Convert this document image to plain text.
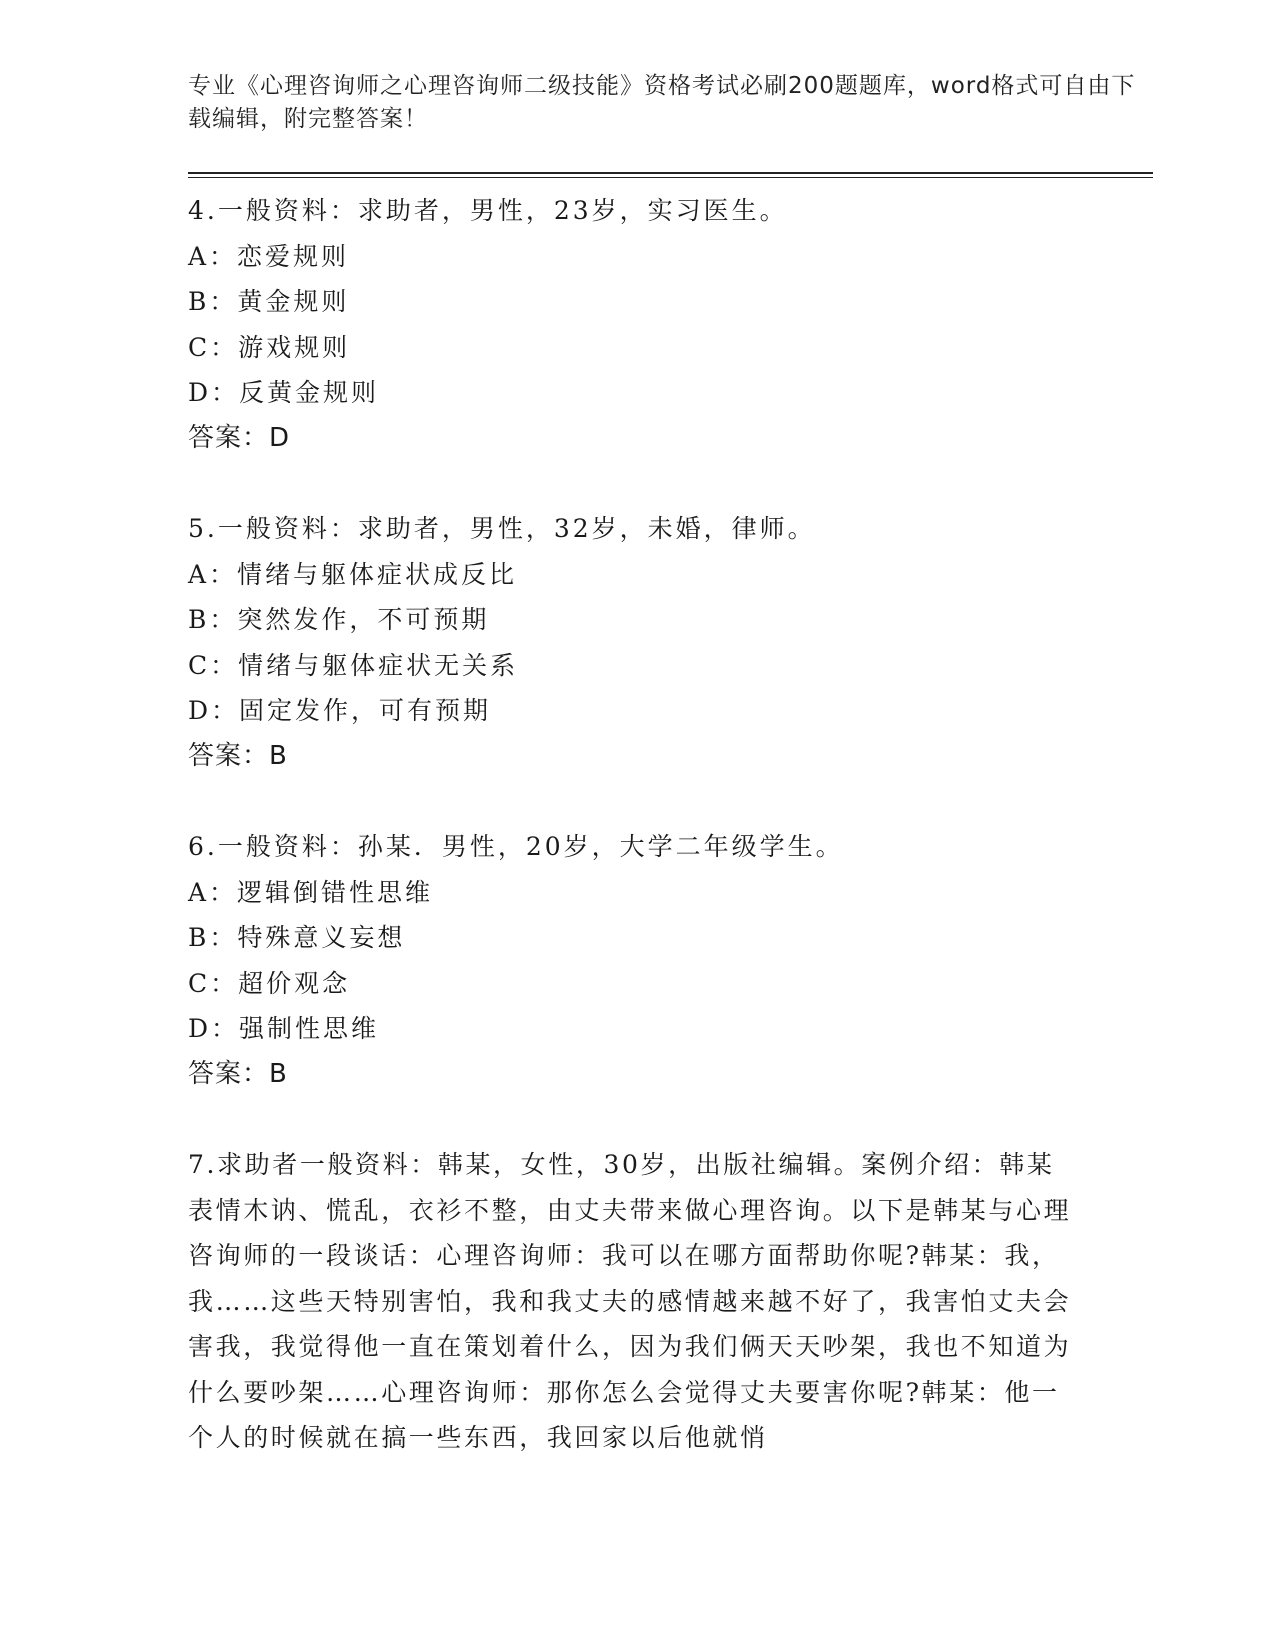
专业《心理咨询师之心理咨询师二级技能》资格考试必刷200题题库，word格式可自由下载编辑，附完整答案！

4.一般资料：求助者，男性，23岁，实习医生。

A：恋爱规则

B：黄金规则

C：游戏规则

D：反黄金规则

答案：D

5.一般资料：求助者，男性，32岁，未婚，律师。

A：情绪与躯体症状成反比

B：突然发作，不可预期

C：情绪与躯体症状无关系

D：固定发作，可有预期

答案：B

6.一般资料：孙某．男性，20岁，大学二年级学生。

A：逻辑倒错性思维

B：特殊意义妄想

C：超价观念

D：强制性思维

答案：B

7.求助者一般资料：韩某，女性，30岁，出版社编辑。案例介绍：韩某表情木讷、慌乱，衣衫不整，由丈夫带来做心理咨询。以下是韩某与心理咨询师的一段谈话：心理咨询师：我可以在哪方面帮助你呢?韩某：我，我……这些天特别害怕，我和我丈夫的感情越来越不好了，我害怕丈夫会害我，我觉得他一直在策划着什么，因为我们俩天天吵架，我也不知道为什么要吵架……心理咨询师：那你怎么会觉得丈夫要害你呢?韩某：他一个人的时候就在搞一些东西，我回家以后他就悄
